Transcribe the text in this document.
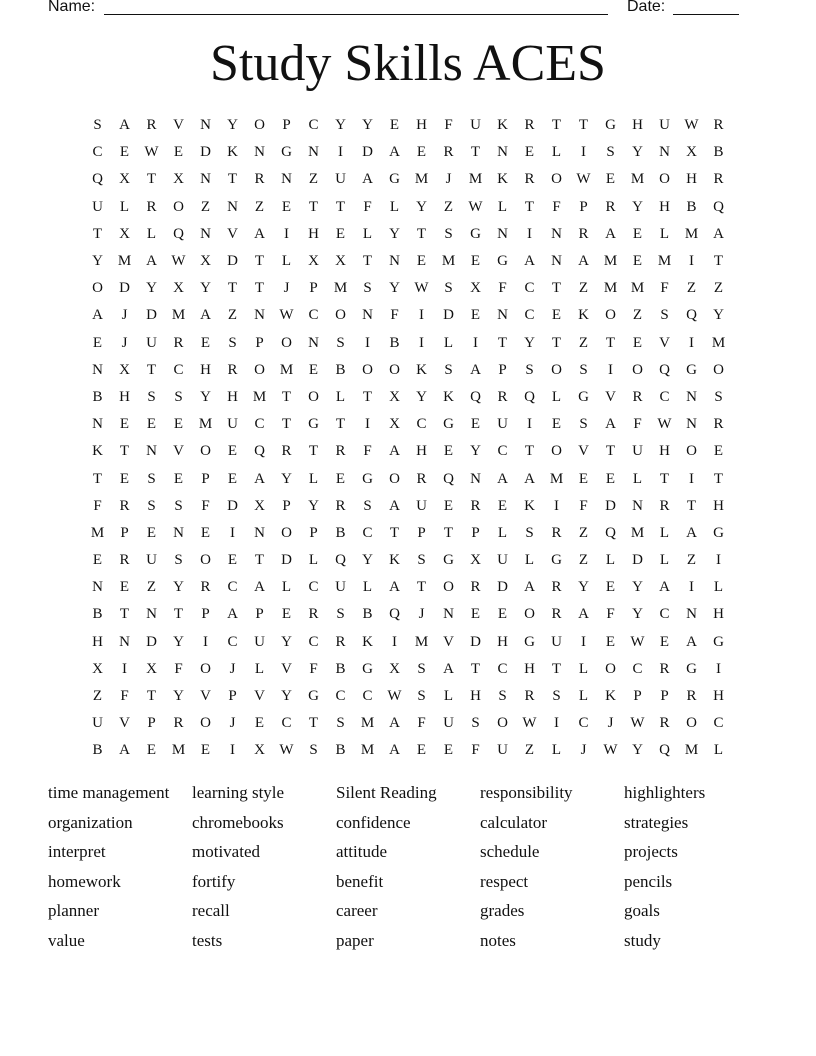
Name:	Date:
Study Skills ACES
S	A	R	V	N	Y	O	P	C	Y	Y	E	H	F	U	K	R	T	T	G	H	U W R
C	E	W	E	D	K	N	G	N	I	D	A	E	R	T	N	E	L	I	S	Y	N	X	B
Q	X	T	X	N	T	R	N	Z	U	A	G M	J	M K	R	O W	E	M O	H	R
U	L	R	O	Z	N	Z	E	T	T	F	L	Y	Z	W	L	T	F	P	R	Y	H	B	Q
T	X	L	Q	N	V	A	I	H	E	L	Y	T	S	G	N	I	N	R	A	E	L	M A
Y M A W X	D	T	L	X	X	T	N	E	M	E	G	A	N	A M	E	M	I	T
O	D	Y	X	Y	T	T	J	P	M	S	Y W	S	X	F	C	T	Z	M M	F	Z	Z
A	J	D M A	Z	N W C	O	N	F	I	D	E	N	C	E	K	O	Z	S	Q	Y
E	J	U	R	E	S	P	O	N	S	I	B	I	L	I	T	Y	T	Z	T	E	V	I	M
N	X	T	C	H	R	O M	E	B	O	O	K	S	A	P	S	O	S	I	O	Q	G	O
B	H	S	S	Y	H M	T	O	L	T	X	Y	K	Q	R	Q	L	G	V	R	C	N	S
N	E	E	E	M U	C	T	G	T	I	X	C	G	E	U	I	E	S	A	F	W N	R
K	T	N	V	O	E	Q	R	T	R	F	A	H	E	Y	C	T	O	V	T	U	H	O	E
T	E	S	E	P	E	A	Y	L	E	G	O	R	Q	N	A	A M	E	E	L	T	I	T
F	R	S	S	F	D	X	P	Y	R	S	A	U	E	R	E	K	I	F	D	N	R	T	H
M	P	E	N	E	I	N	O	P	B	C	T	P	T	P	L	S	R	Z	Q M	L	A	G
E	R	U	S	O	E	T	D	L	Q	Y	K	S	G	X	U	L	G	Z	L	D	L	Z	I
N	E	Z	Y	R	C	A	L	C	U	L	A	T	O	R	D	A	R	Y	E	Y	A	I	L
B	T	N	T	P	A	P	E	R	S	B	Q	J	N	E	E	O	R	A	F	Y	C	N	H
H	N	D	Y	I	C	U	Y	C	R	K	I	M V	D	H	G	U	I	E	W	E	A	G
X	I	X	F	O	J	L	V	F	B	G	X	S	A	T	C	H	T	L	O	C	R	G	I
Z	F	T	Y	V	P	V	Y	G	C	C W	S	L	H	S	R	S	L	K	P	P	R	H
U	V	P	R	O	J	E	C	T	S	M A	F	U	S	O W	I	C	J	W R	O	C
B	A	E	M	E	I	X W	S	B	M A	E	E	F	U	Z	L	J	W Y	Q M	L
time management
organization
interpret
homework
planner
value
learning style
chromebooks
motivated
fortify
recall
tests
Silent Reading
confidence
attitude
benefit
career
paper
responsibility
calculator
schedule
respect
grades
notes
highlighters
strategies
projects
pencils
goals
study
